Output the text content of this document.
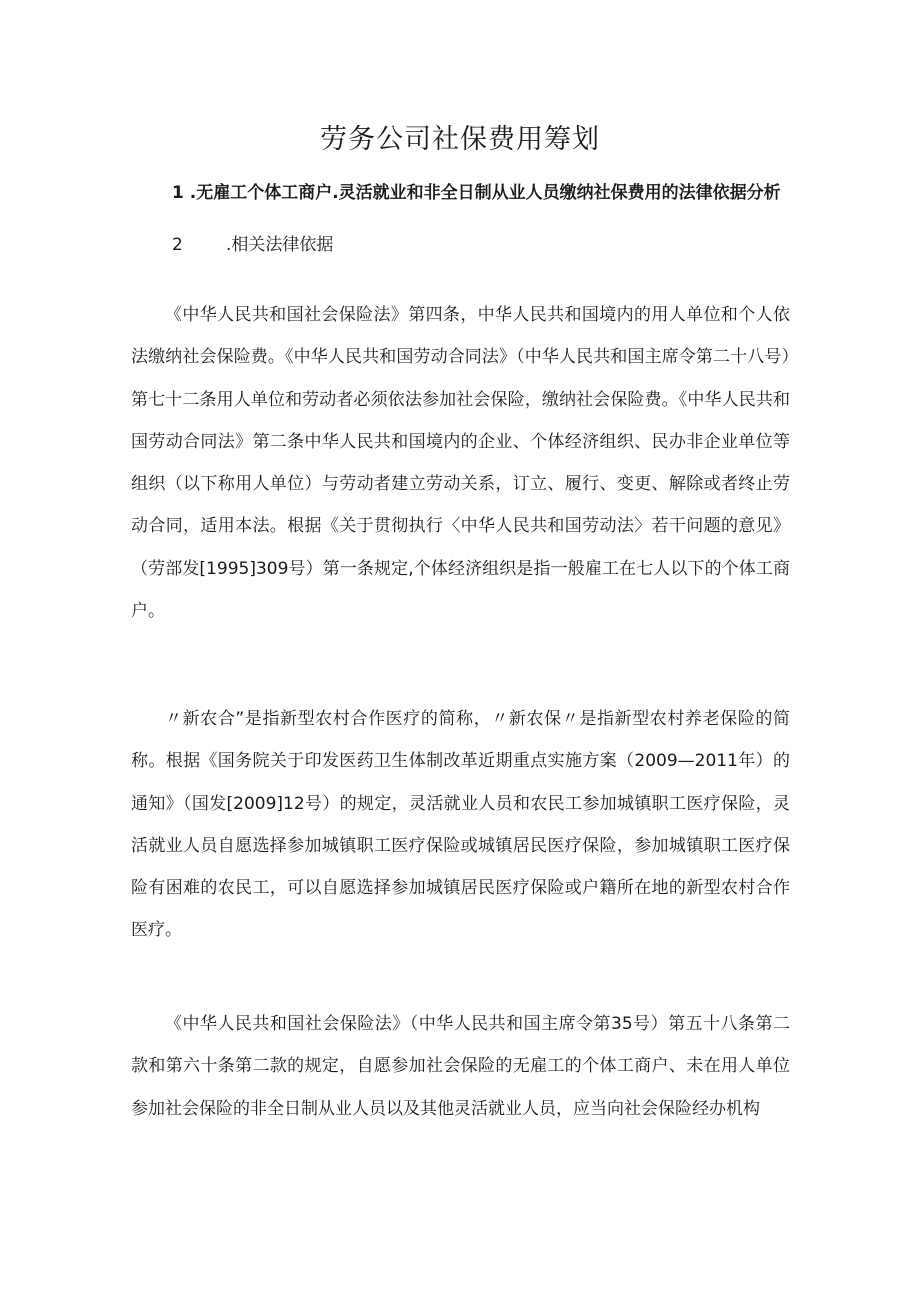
劳务公司社保费用筹划

1 .无雇工个体工商户.灵活就业和非全日制从业人员缴纳社保费用的法律依据分析

2	.相关法律依据

《中华人民共和国社会保险法》第四条，中华人民共和国境内的用人单位和个人依法缴纳社会保险费。《中华人民共和国劳动合同法》（中华人民共和国主席令第二十八号）第七十二条用人单位和劳动者必须依法参加社会保险，缴纳社会保险费。《中华人民共和国劳动合同法》第二条中华人民共和国境内的企业、个体经济组织、民办非企业单位等组织（以下称用人单位）与劳动者建立劳动关系，订立、履行、变更、解除或者终止劳动合同，适用本法。根据《关于贯彻执行〈中华人民共和国劳动法〉若干问题的意见》（劳部发[1995]309号）第一条规定,个体经济组织是指一般雇工在七人以下的个体工商户。

〃新农合”是指新型农村合作医疗的简称，〃新农保〃是指新型农村养老保险的简称。根据《国务院关于印发医药卫生体制改革近期重点实施方案（2009—2011年）的通知》（国发[2009]12号）的规定，灵活就业人员和农民工参加城镇职工医疗保险，灵活就业人员自愿选择参加城镇职工医疗保险或城镇居民医疗保险，参加城镇职工医疗保险有困难的农民工，可以自愿选择参加城镇居民医疗保险或户籍所在地的新型农村合作医疗。

《中华人民共和国社会保险法》（中华人民共和国主席令第35号）第五十八条第二款和第六十条第二款的规定，自愿参加社会保险的无雇工的个体工商户、未在用人单位参加社会保险的非全日制从业人员以及其他灵活就业人员，应当向社会保险经办机构
